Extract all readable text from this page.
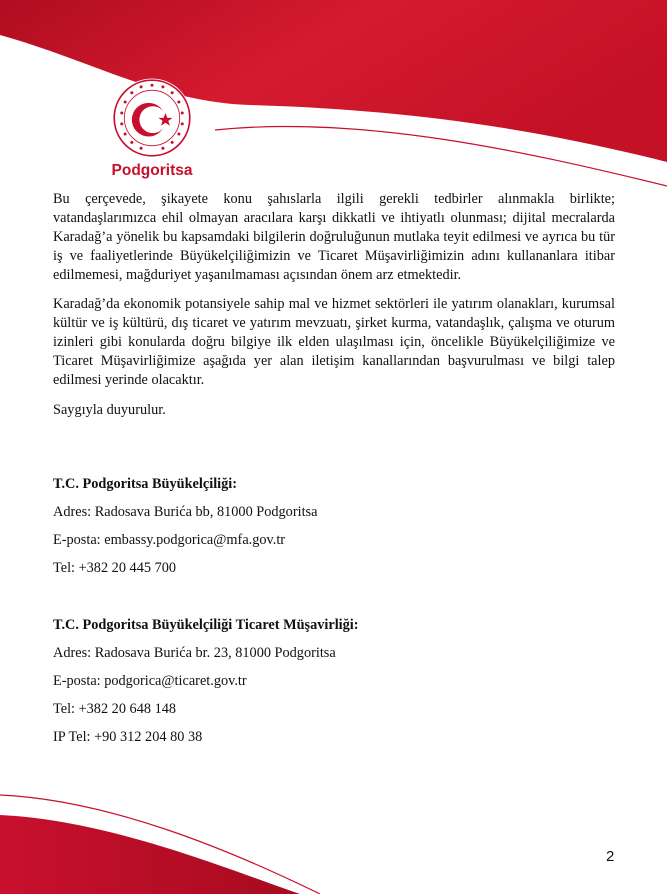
Podgoritsa

Bu çerçevede, şikayete konu şahıslarla ilgili gerekli tedbirler alınmakla birlikte; vatandaşlarımızca ehil olmayan aracılara karşı dikkatli ve ihtiyatlı olunması; dijital mecralarda Karadağ’a yönelik bu kapsamdaki bilgilerin doğruluğunun mutlaka teyit edilmesi ve ayrıca bu tür iş ve faaliyetlerinde Büyükelçiliğimizin ve Ticaret Müşavirliğimizin adını kullananlara itibar edilmemesi, mağduriyet yaşanılmaması açısından önem arz etmektedir.

Karadağ’da ekonomik potansiyele sahip mal ve hizmet sektörleri ile yatırım olanakları, kurumsal kültür ve iş kültürü, dış ticaret ve yatırım mevzuatı, şirket kurma, vatandaşlık, çalışma ve oturum izinleri gibi konularda doğru bilgiye ilk elden ulaşılması için, öncelikle Büyükelçiliğimize ve Ticaret Müşavirliğimize aşağıda yer alan iletişim kanallarından başvurulması ve bilgi talep edilmesi yerinde olacaktır.

Saygıyla duyurulur.

T.C. Podgoritsa Büyükelçiliği:
Adres: Radosava Burića bb, 81000 Podgoritsa
E-posta: embassy.podgorica@mfa.gov.tr
Tel: +382 20 445 700
T.C. Podgoritsa Büyükelçiliği Ticaret Müşavirliği:
Adres: Radosava Burića br. 23, 81000 Podgoritsa
E-posta: podgorica@ticaret.gov.tr
Tel: +382 20 648 148
IP Tel: +90 312 204 80 38
2
